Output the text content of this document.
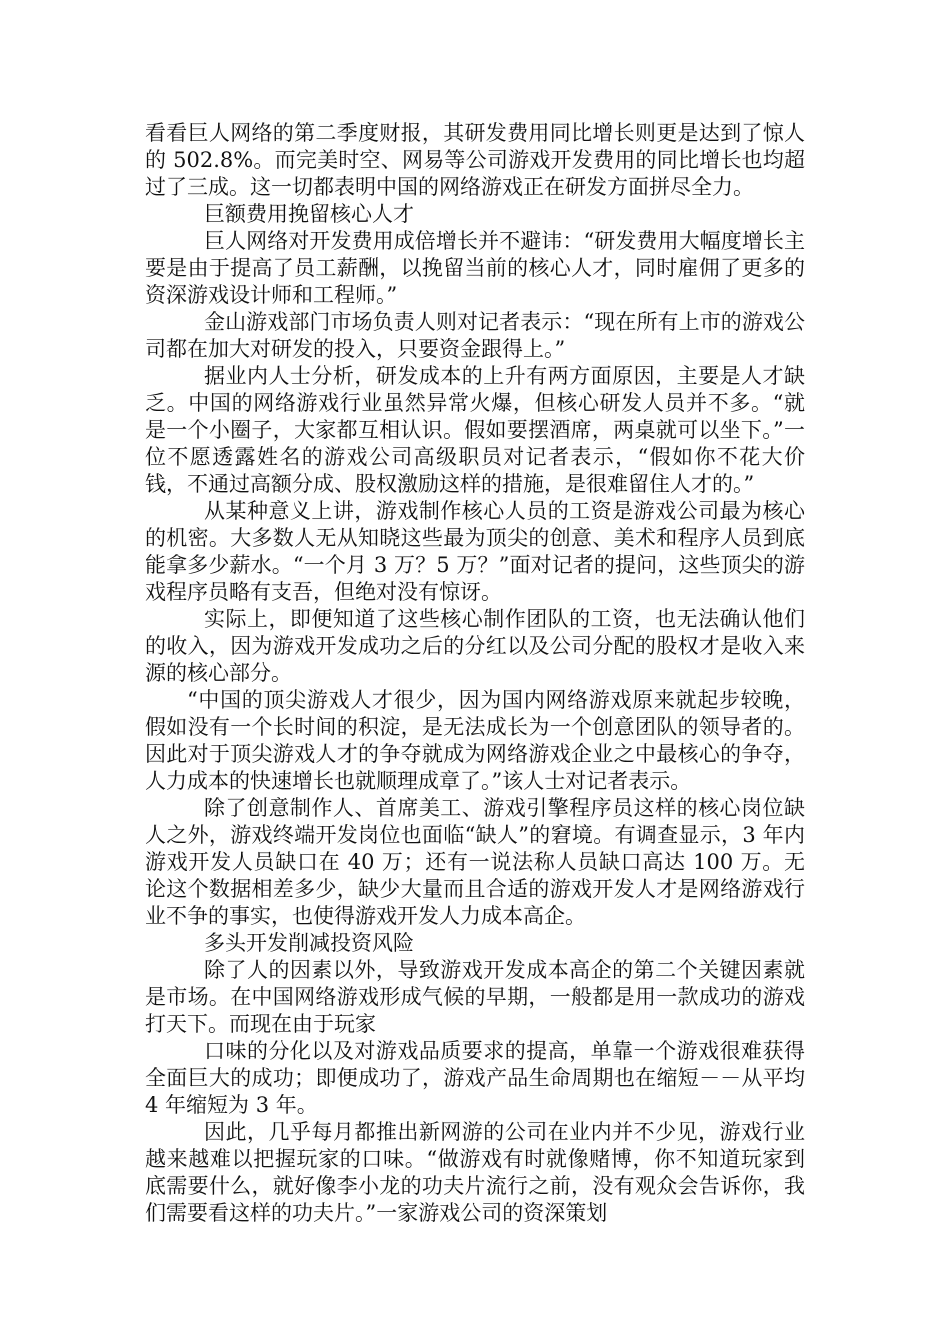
看看巨人网络的第二季度财报，其研发费用同比增长则更是达到了惊人的 502.8%。而完美时空、网易等公司游戏开发费用的同比增长也均超过了三成。这一切都表明中国的网络游戏正在研发方面拼尽全力。

巨额费用挽留核心人才

巨人网络对开发费用成倍增长并不避讳：“研发费用大幅度增长主要是由于提高了员工薪酬，以挽留当前的核心人才，同时雇佣了更多的资深游戏设计师和工程师。”

金山游戏部门市场负责人则对记者表示：“现在所有上市的游戏公司都在加大对研发的投入，只要资金跟得上。”

据业内人士分析，研发成本的上升有两方面原因，主要是人才缺乏。中国的网络游戏行业虽然异常火爆，但核心研发人员并不多。“就是一个小圈子，大家都互相认识。假如要摆酒席，两桌就可以坐下。”一位不愿透露姓名的游戏公司高级职员对记者表示，“假如你不花大价钱，不通过高额分成、股权激励这样的措施，是很难留住人才的。”

从某种意义上讲，游戏制作核心人员的工资是游戏公司最为核心的机密。大多数人无从知晓这些最为顶尖的创意、美术和程序人员到底能拿多少薪水。“一个月 3 万？5 万？”面对记者的提问，这些顶尖的游戏程序员略有支吾，但绝对没有惊讶。

实际上，即便知道了这些核心制作团队的工资，也无法确认他们的收入，因为游戏开发成功之后的分红以及公司分配的股权才是收入来源的核心部分。

“中国的顶尖游戏人才很少，因为国内网络游戏原来就起步较晚，假如没有一个长时间的积淀，是无法成长为一个创意团队的领导者的。因此对于顶尖游戏人才的争夺就成为网络游戏企业之中最核心的争夺，人力成本的快速增长也就顺理成章了。”该人士对记者表示。

除了创意制作人、首席美工、游戏引擎程序员这样的核心岗位缺人之外，游戏终端开发岗位也面临“缺人”的窘境。有调查显示，3 年内游戏开发人员缺口在 40 万；还有一说法称人员缺口高达 100 万。无论这个数据相差多少，缺少大量而且合适的游戏开发人才是网络游戏行业不争的事实，也使得游戏开发人力成本高企。

多头开发削减投资风险

除了人的因素以外，导致游戏开发成本高企的第二个关键因素就是市场。在中国网络游戏形成气候的早期，一般都是用一款成功的游戏打天下。而现在由于玩家

口味的分化以及对游戏品质要求的提高，单靠一个游戏很难获得全面巨大的成功；即便成功了，游戏产品生命周期也在缩短－－从平均 4 年缩短为 3 年。

因此，几乎每月都推出新网游的公司在业内并不少见，游戏行业越来越难以把握玩家的口味。“做游戏有时就像赌博，你不知道玩家到底需要什么，就好像李小龙的功夫片流行之前，没有观众会告诉你，我们需要看这样的功夫片。”一家游戏公司的资深策划
